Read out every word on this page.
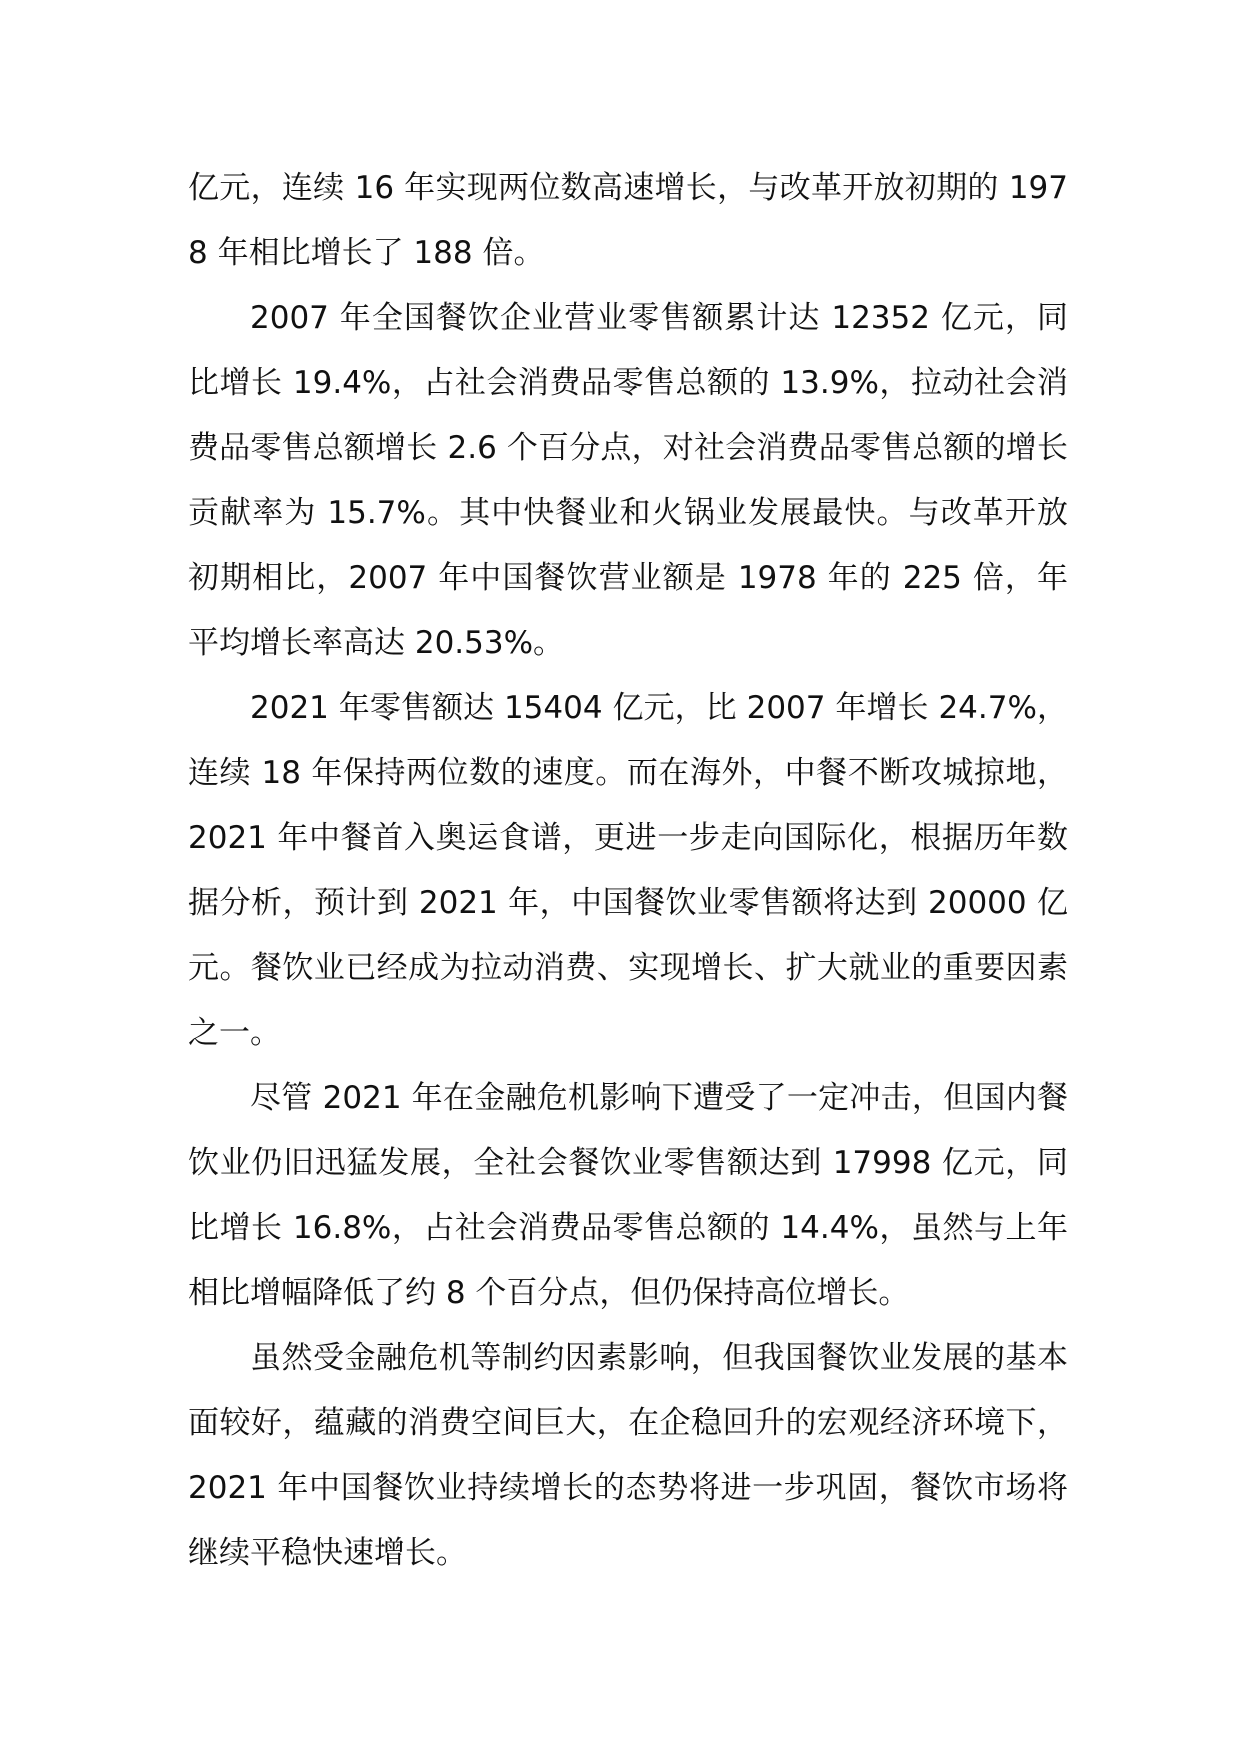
亿元，连续 16 年实现两位数高速增长，与改革开放初期的 1978 年相比增长了 188 倍。

2007 年全国餐饮企业营业零售额累计达 12352 亿元，同比增长 19.4%，占社会消费品零售总额的 13.9%，拉动社会消费品零售总额增长 2.6 个百分点，对社会消费品零售总额的增长贡献率为 15.7%。其中快餐业和火锅业发展最快。与改革开放初期相比，2007 年中国餐饮营业额是 1978 年的 225 倍，年平均增长率高达 20.53%。

2021 年零售额达 15404 亿元，比 2007 年增长 24.7%，连续 18 年保持两位数的速度。而在海外，中餐不断攻城掠地，2021 年中餐首入奥运食谱，更进一步走向国际化，根据历年数据分析，预计到 2021 年，中国餐饮业零售额将达到 20000 亿元。餐饮业已经成为拉动消费、实现增长、扩大就业的重要因素之一。

尽管 2021 年在金融危机影响下遭受了一定冲击，但国内餐饮业仍旧迅猛发展，全社会餐饮业零售额达到 17998 亿元，同比增长 16.8%，占社会消费品零售总额的 14.4%，虽然与上年相比增幅降低了约 8 个百分点，但仍保持高位增长。

虽然受金融危机等制约因素影响，但我国餐饮业发展的基本面较好，蕴藏的消费空间巨大，在企稳回升的宏观经济环境下，2021 年中国餐饮业持续增长的态势将进一步巩固，餐饮市场将继续平稳快速增长。
